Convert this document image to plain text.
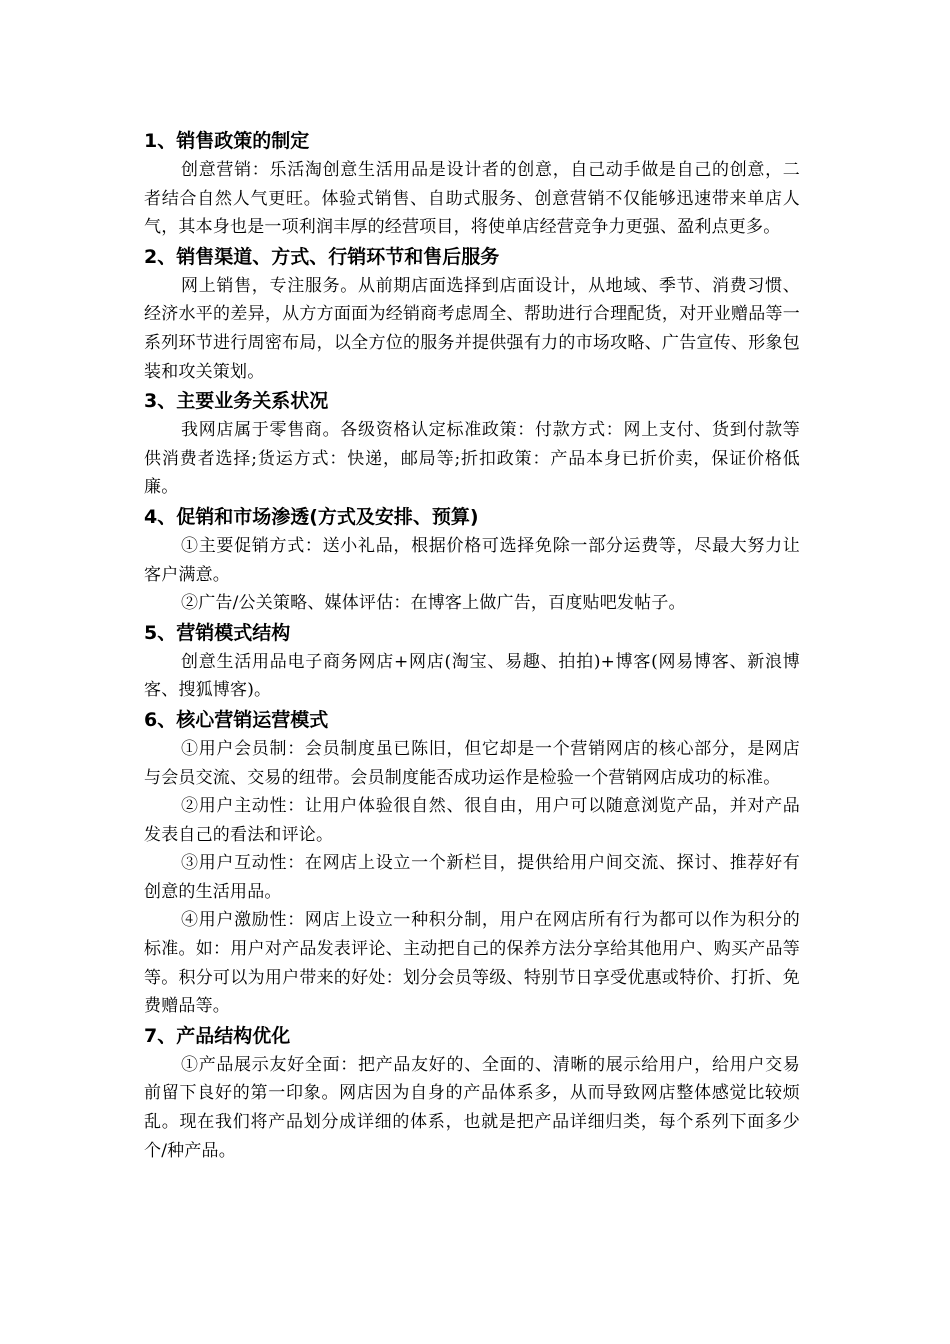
1、销售政策的制定

创意营销：乐活淘创意生活用品是设计者的创意，自己动手做是自己的创意，二者结合自然人气更旺。体验式销售、自助式服务、创意营销不仅能够迅速带来单店人气，其本身也是一项利润丰厚的经营项目，将使单店经营竞争力更强、盈利点更多。

2、销售渠道、方式、行销环节和售后服务

网上销售，专注服务。从前期店面选择到店面设计，从地域、季节、消费习惯、经济水平的差异，从方方面面为经销商考虑周全、帮助进行合理配货，对开业赠品等一系列环节进行周密布局，以全方位的服务并提供强有力的市场攻略、广告宣传、形象包装和攻关策划。

3、主要业务关系状况

我网店属于零售商。各级资格认定标准政策：付款方式：网上支付、货到付款等供消费者选择;货运方式：快递，邮局等;折扣政策：产品本身已折价卖，保证价格低廉。

4、促销和市场渗透(方式及安排、预算)

①主要促销方式：送小礼品，根据价格可选择免除一部分运费等，尽最大努力让客户满意。

②广告/公关策略、媒体评估：在博客上做广告，百度贴吧发帖子。

5、营销模式结构

创意生活用品电子商务网店+网店(淘宝、易趣、拍拍)+博客(网易博客、新浪博客、搜狐博客)。

6、核心营销运营模式

①用户会员制：会员制度虽已陈旧，但它却是一个营销网店的核心部分，是网店与会员交流、交易的纽带。会员制度能否成功运作是检验一个营销网店成功的标准。

②用户主动性：让用户体验很自然、很自由，用户可以随意浏览产品，并对产品发表自己的看法和评论。

③用户互动性：在网店上设立一个新栏目，提供给用户间交流、探讨、推荐好有创意的生活用品。

④用户激励性：网店上设立一种积分制，用户在网店所有行为都可以作为积分的标准。如：用户对产品发表评论、主动把自己的保养方法分享给其他用户、购买产品等等。积分可以为用户带来的好处：划分会员等级、特别节日享受优惠或特价、打折、免费赠品等。

7、产品结构优化

①产品展示友好全面：把产品友好的、全面的、清晰的展示给用户，给用户交易前留下良好的第一印象。网店因为自身的产品体系多，从而导致网店整体感觉比较烦乱。现在我们将产品划分成详细的体系，也就是把产品详细归类，每个系列下面多少个/种产品。
